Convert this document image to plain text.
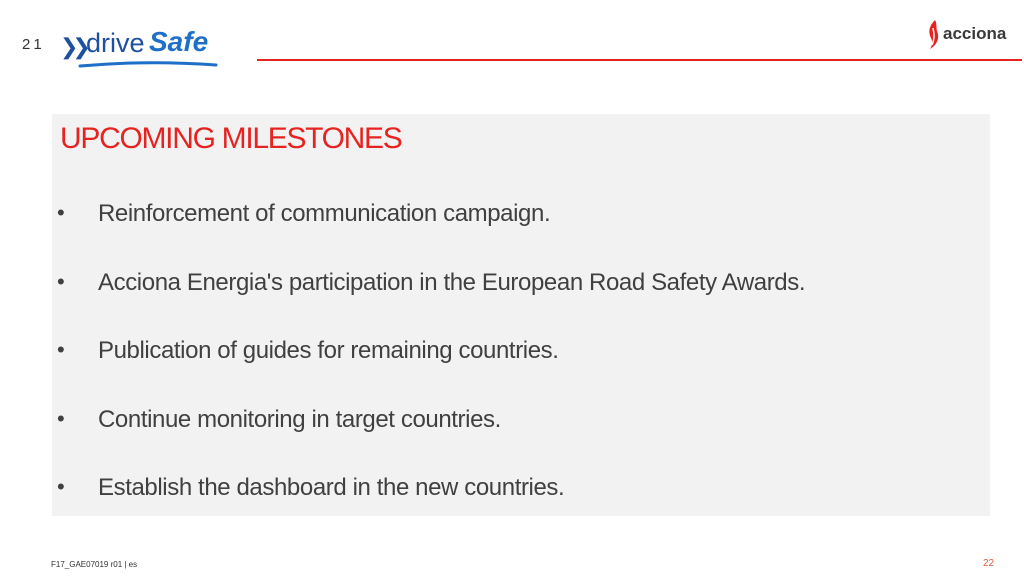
21 ❯❯ drive Safe	acciona
UPCOMING MILESTONES
• Reinforcement of communication campaign.
• Acciona Energia's participation in the European Road Safety Awards.
• Publication of guides for remaining countries.
• Continue monitoring in target countries.
• Establish the dashboard in the new countries.
F17_GAE07019 r01 | es	22
